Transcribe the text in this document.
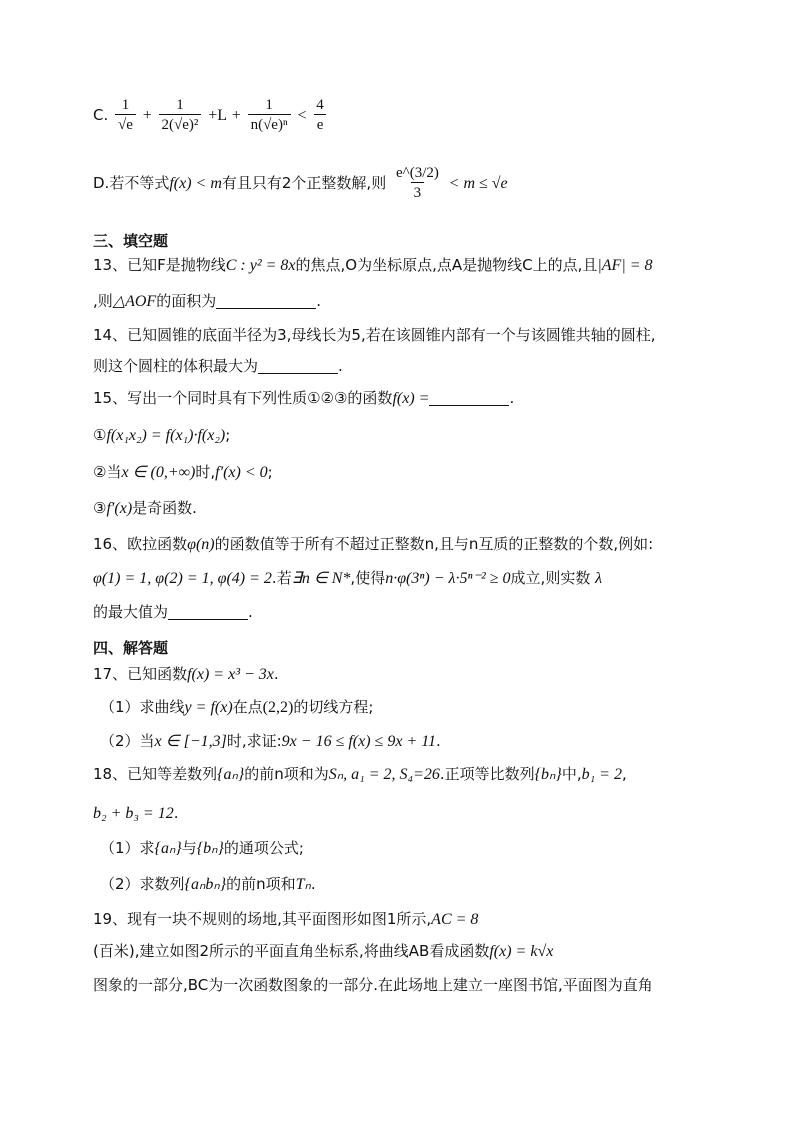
C. $\frac{1}{√e} + \frac{1}{\text{2(√e)²}} +L + \frac{1}{\text{n(√e)ⁿ}} < \frac{4}{e}$
D.若不等式f(x) < m有且只有2个正整数解,则 $\frac{e\^{}(3/2)}{3} < m \le √e$
三、填空题
13、已知F是抛物线C : y² = 8x的焦点,O为坐标原点,点A是抛物线C上的点,且|AF| = 8
,则△AOF的面积为	.
14、已知圆锥的底面半径为3,母线长为5,若在该圆锥内部有一个与该圆锥共轴的圆柱,
则这个圆柱的体积最大为	.
15、写出一个同时具有下列性质①②③的函数f(x) =	.
①f(x₁x₂) = f(x₁)·f(x₂);
②当x ∈ (0,+∞)时,f′(x) < 0;
③f′(x)是奇函数.
16、欧拉函数φ(n)的函数值等于所有不超过正整数n,且与n互质的正整数的个数,例如:
φ(1) = 1, φ(2) = 1, φ(4) = 2.若∃n ∈ N*,使得n·φ(3ⁿ) − λ·5ⁿ⁻² ≥ 0成立,则实数 λ
的最大值为	.
四、解答题
17、已知函数f(x) = x³ − 3x.
（1）求曲线y = f(x)在点(2,2)的切线方程;
（2）当x ∈ [−1,3]时,求证:9x − 16 ≤ f(x) ≤ 9x + 11.
18、已知等差数列{aₙ}的前n项和为Sₙ, a₁ = 2, S₄=26.正项等比数列{bₙ}中,b₁ = 2,
b₂ + b₃ = 12.
（1）求{aₙ}与{bₙ}的通项公式;
（2）求数列{aₙbₙ}的前n项和Tₙ.
19、现有一块不规则的场地,其平面图形如图1所示,AC = 8
(百米),建立如图2所示的平面直角坐标系,将曲线AB看成函数f(x) = k√x
图象的一部分,BC为一次函数图象的一部分.在此场地上建立一座图书馆,平面图为直角
